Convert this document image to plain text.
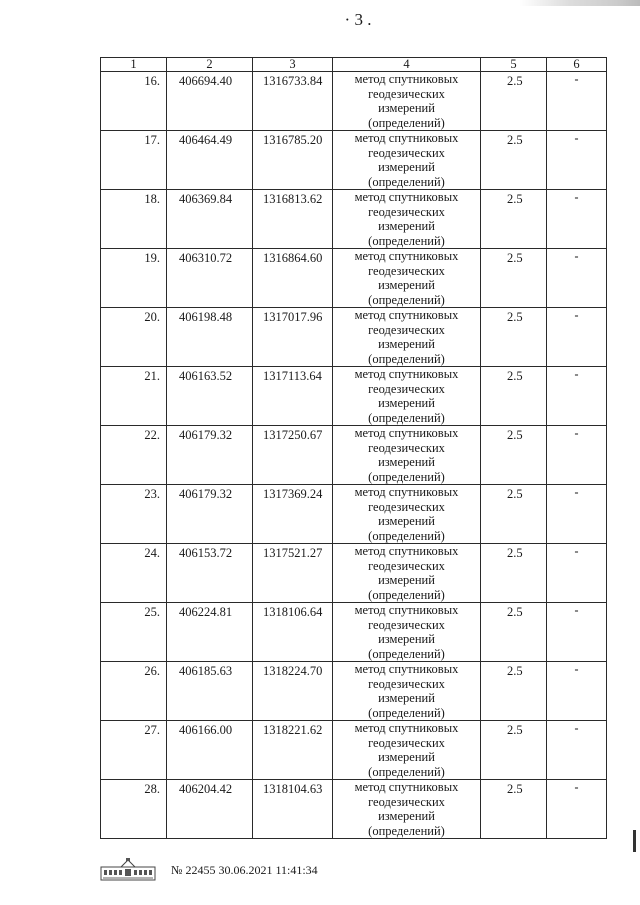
· 3 .
1	2	3	4	5	6
16.	406694.40	1316733.84	метод спутниковых
геодезических
измерений
(определений)	2.5	-
17.	406464.49	1316785.20	метод спутниковых
геодезических
измерений
(определений)	2.5	-
18.	406369.84	1316813.62	метод спутниковых
геодезических
измерений
(определений)	2.5	-
19.	406310.72	1316864.60	метод спутниковых
геодезических
измерений
(определений)	2.5	-
20.	406198.48	1317017.96	метод спутниковых
геодезических
измерений
(определений)	2.5	-
21.	406163.52	1317113.64	метод спутниковых
геодезических
измерений
(определений)	2.5	-
22.	406179.32	1317250.67	метод спутниковых
геодезических
измерений
(определений)	2.5	-
23.	406179.32	1317369.24	метод спутниковых
геодезических
измерений
(определений)	2.5	-
24.	406153.72	1317521.27	метод спутниковых
геодезических
измерений
(определений)	2.5	-
25.	406224.81	1318106.64	метод спутниковых
геодезических
измерений
(определений)	2.5	-
26.	406185.63	1318224.70	метод спутниковых
геодезических
измерений
(определений)	2.5	-
27.	406166.00	1318221.62	метод спутниковых
геодезических
измерений
(определений)	2.5	-
28.	406204.42	1318104.63	метод спутниковых
геодезических
измерений
(определений)	2.5	-
№ 22455 30.06.2021 11:41:34
